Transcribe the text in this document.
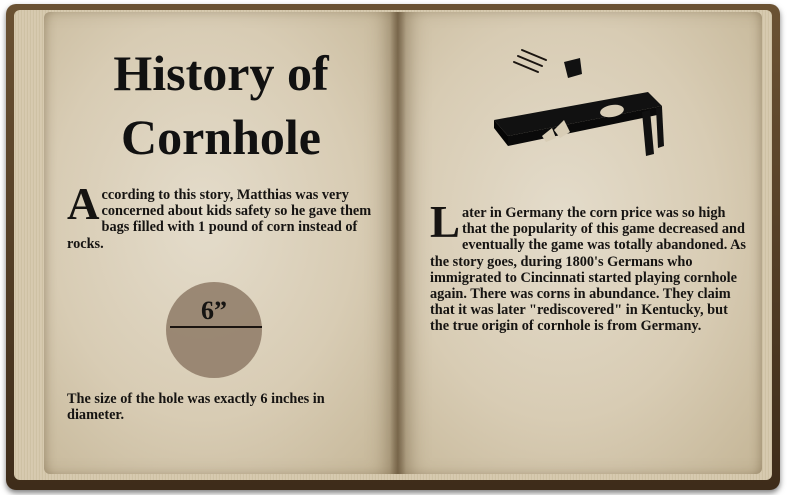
History of
Cornhole

According to this story, Matthias was very concerned about kids safety so he gave them bags filled with 1 pound of corn instead of rocks.

6”

The size of the hole was exactly 6 inches in diameter.

Later in Germany the corn price was so high that the popularity of this game decreased and eventually the game was totally abandoned. As the story goes, during 1800's Germans who immigrated to Cincinnati started playing cornhole again. There was corns in abundance. They claim that it was later "rediscovered" in Kentucky, but the true origin of cornhole is from Germany.
